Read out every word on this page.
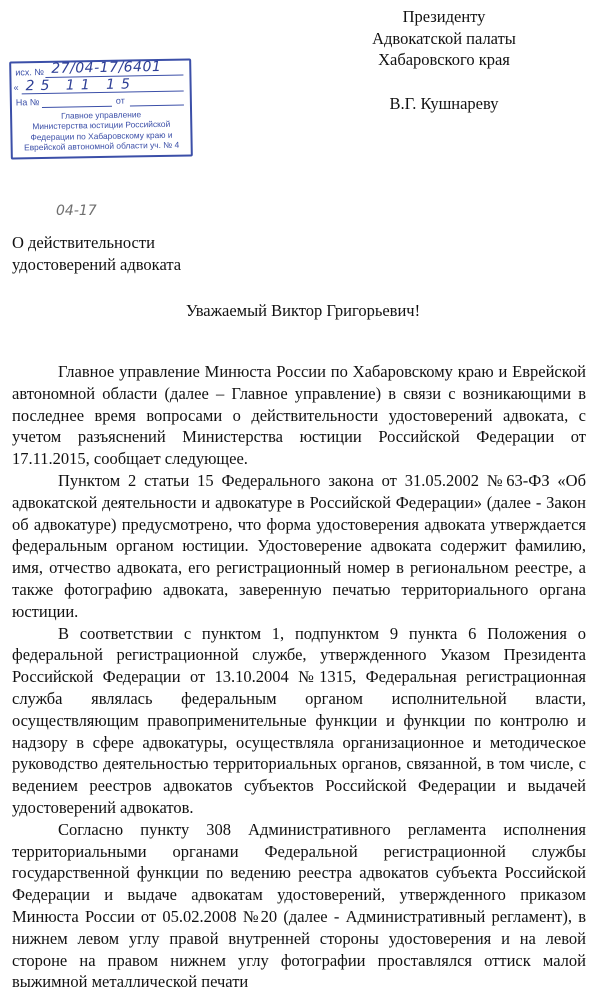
Президенту
Адвокатской палаты
Хабаровского края
В.Г. Кушнареву
исх. № 27/04-17/6401
« 25 11 15
На №	от
Главное управление
Министерства юстиции Российской
Федерации по Хабаровскому краю и
Еврейской автономной области уч. № 4
04-17
О действительности
удостоверений адвоката
Уважаемый Виктор Григорьевич!

Главное управление Минюста России по Хабаровскому краю и Еврейской автономной области (далее – Главное управление) в связи с возникающими в последнее время вопросами о действительности удостоверений адвоката, с учетом разъяснений Министерства юстиции Российской Федерации от 17.11.2015, сообщает следующее.

Пунктом 2 статьи 15 Федерального закона от 31.05.2002 №63-ФЗ «Об адвокатской деятельности и адвокатуре в Российской Федерации» (далее - Закон об адвокатуре) предусмотрено, что форма удостоверения адвоката утверждается федеральным органом юстиции. Удостоверение адвоката содержит фамилию, имя, отчество адвоката, его регистрационный номер в региональном реестре, а также фотографию адвоката, заверенную печатью территориального органа юстиции.

В соответствии с пунктом 1, подпунктом 9 пункта 6 Положения о федеральной регистрационной службе, утвержденного Указом Президента Российской Федерации от 13.10.2004 №1315, Федеральная регистрационная служба являлась федеральным органом исполнительной власти, осуществляющим правоприменительные функции и функции по контролю и надзору в сфере адвокатуры, осуществляла организационное и методическое руководство деятельностью территориальных органов, связанной, в том числе, с ведением реестров адвокатов субъектов Российской Федерации и выдачей удостоверений адвокатов.

Согласно пункту 308 Административного регламента исполнения территориальными органами Федеральной регистрационной службы государственной функции по ведению реестра адвокатов субъекта Российской Федерации и выдаче адвокатам удостоверений, утвержденного приказом Минюста России от 05.02.2008 №20 (далее - Административный регламент), в нижнем левом углу правой внутренней стороны удостоверения и на левой стороне на правом нижнем углу фотографии проставлялся оттиск малой выжимной металлической печати
